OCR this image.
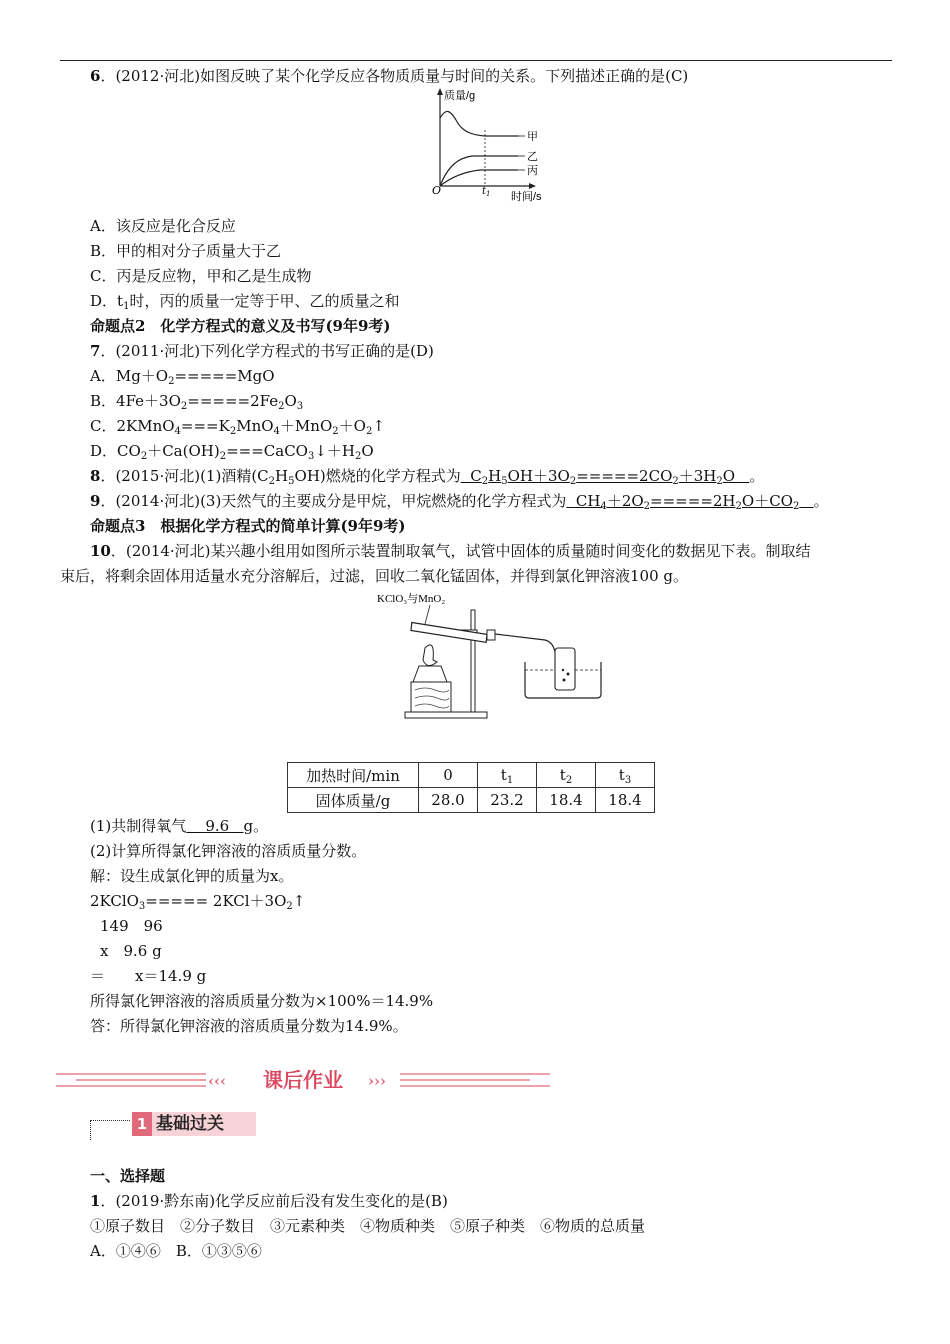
6．(2012·河北)如图反映了某个化学反应各物质质量与时间的关系。下列描述正确的是(C)
质量/g
时间/s
O	$t_1$
甲
乙
丙
A．该反应是化合反应
B．甲的相对分子质量大于乙
C．丙是反应物，甲和乙是生成物
D．$t_1$时，丙的质量一定等于甲、乙的质量之和
命题点2　化学方程式的意义及书写(9年9考)
7．(2011·河北)下列化学方程式的书写正确的是(D)
A．$Mg+O_2=====MgO$
B．$4Fe+3O_2=====2Fe_2O_3$
C．$2KMnO_4===K_2MnO_4+MnO_2+O_2↑$
D．$CO_2+Ca(OH)_2===CaCO_3↓+H_2O$
8．(2015·河北)(1)酒精$(C_2H_5OH)$燃烧的化学方程式为  $C_2H_5OH+3O_2=====2CO_2+3H_2O$   。
9．(2014·河北)(3)天然气的主要成分是甲烷，甲烷燃烧的化学方程式为  $CH_4+2O_2=====2H_2O+CO_2$ 。
命题点3　根据化学方程式的简单计算(9年9考)
10．(2014·河北)某兴趣小组用如图所示装置制取氧气，试管中固体的质量随时间变化的数据见下表。制取结
束后，将剩余固体用适量水充分溶解后，过滤，回收二氧化锰固体，并得到氯化钾溶液100 g。
KClO₃与MnO₂
加热时间/min	0	$t_1$	$t_2$	$t_3$
固体质量/g	28.0	23.2	18.4	18.4
(1)共制得氧气 9.6 g。
(2)计算所得氯化钾溶液的溶质质量分数。
解：设生成氯化钾的质量为x。
2KClO$_3$===== $2KCl+3O_2↑$
149　96
x　9.6 g
＝　　x＝14.9 g
所得氯化钾溶液的溶质质量分数为×100%＝14.9%
答：所得氯化钾溶液的溶质质量分数为14.9%。
‹‹‹ 课后作业 ›››
1 基础过关
一、选择题
1．(2019·黔东南)化学反应前后没有发生变化的是(B)
①原子数目　②分子数目　③元素种类　④物质种类　⑤原子种类　⑥物质的总质量
A．①④⑥　B．①③⑤⑥
